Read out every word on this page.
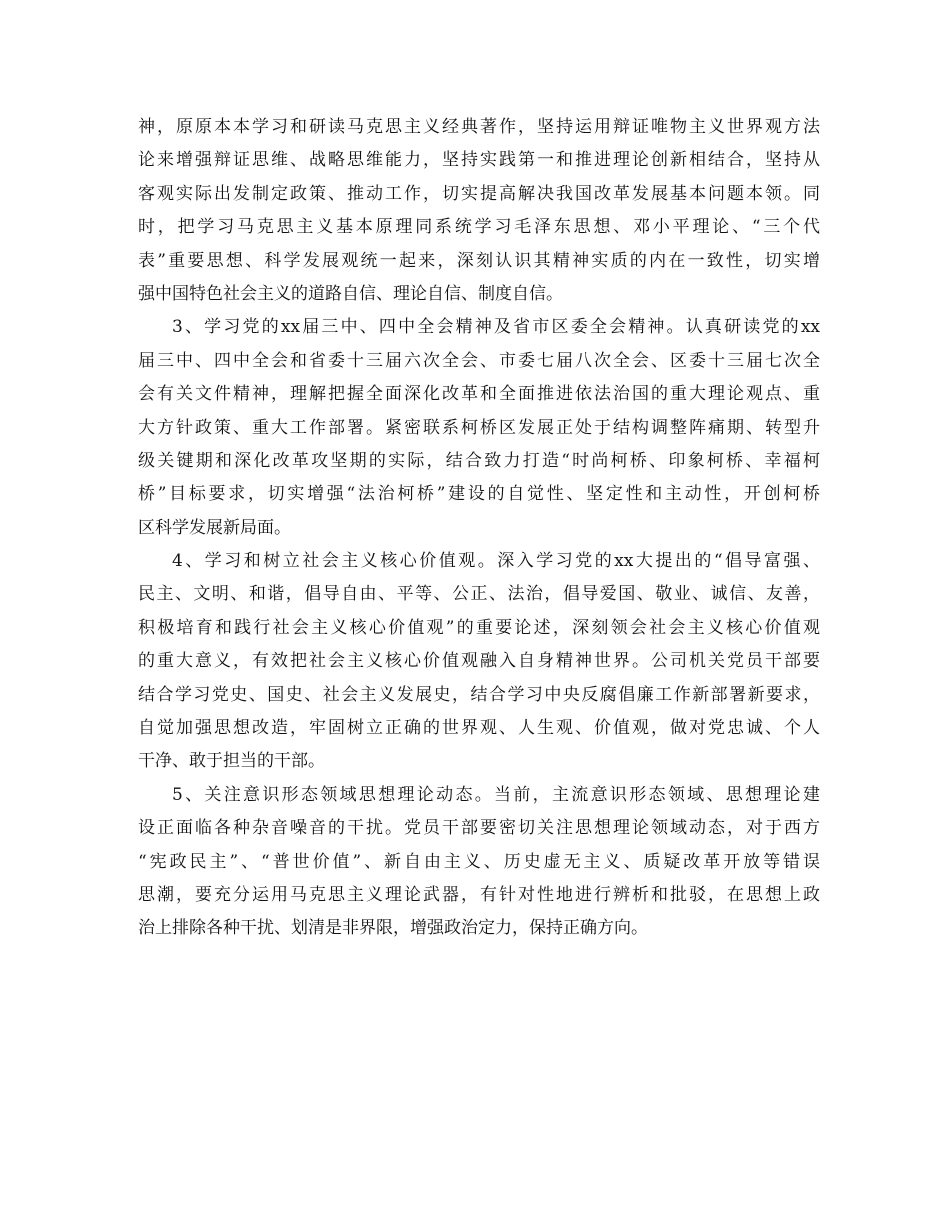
神，原原本本学习和研读马克思主义经典著作，坚持运用辩证唯物主义世界观方法
论来增强辩证思维、战略思维能力，坚持实践第一和推进理论创新相结合，坚持从
客观实际出发制定政策、推动工作，切实提高解决我国改革发展基本问题本领。同
时，把学习马克思主义基本原理同系统学习毛泽东思想、邓小平理论、“三个代
表”重要思想、科学发展观统一起来，深刻认识其精神实质的内在一致性，切实增
强中国特色社会主义的道路自信、理论自信、制度自信。
3、学习党的xx届三中、四中全会精神及省市区委全会精神。认真研读党的xx
届三中、四中全会和省委十三届六次全会、市委七届八次全会、区委十三届七次全
会有关文件精神，理解把握全面深化改革和全面推进依法治国的重大理论观点、重
大方针政策、重大工作部署。紧密联系柯桥区发展正处于结构调整阵痛期、转型升
级关键期和深化改革攻坚期的实际，结合致力打造“时尚柯桥、印象柯桥、幸福柯
桥”目标要求，切实增强“法治柯桥”建设的自觉性、坚定性和主动性，开创柯桥
区科学发展新局面。
4、学习和树立社会主义核心价值观。深入学习党的xx大提出的“倡导富强、
民主、文明、和谐，倡导自由、平等、公正、法治，倡导爱国、敬业、诚信、友善，
积极培育和践行社会主义核心价值观”的重要论述，深刻领会社会主义核心价值观
的重大意义，有效把社会主义核心价值观融入自身精神世界。公司机关党员干部要
结合学习党史、国史、社会主义发展史，结合学习中央反腐倡廉工作新部署新要求，
自觉加强思想改造，牢固树立正确的世界观、人生观、价值观，做对党忠诚、个人
干净、敢于担当的干部。
5、关注意识形态领域思想理论动态。当前，主流意识形态领域、思想理论建
设正面临各种杂音噪音的干扰。党员干部要密切关注思想理论领域动态，对于西方
“宪政民主”、“普世价值”、新自由主义、历史虚无主义、质疑改革开放等错误
思潮，要充分运用马克思主义理论武器，有针对性地进行辨析和批驳，在思想上政
治上排除各种干扰、划清是非界限，增强政治定力，保持正确方向。
